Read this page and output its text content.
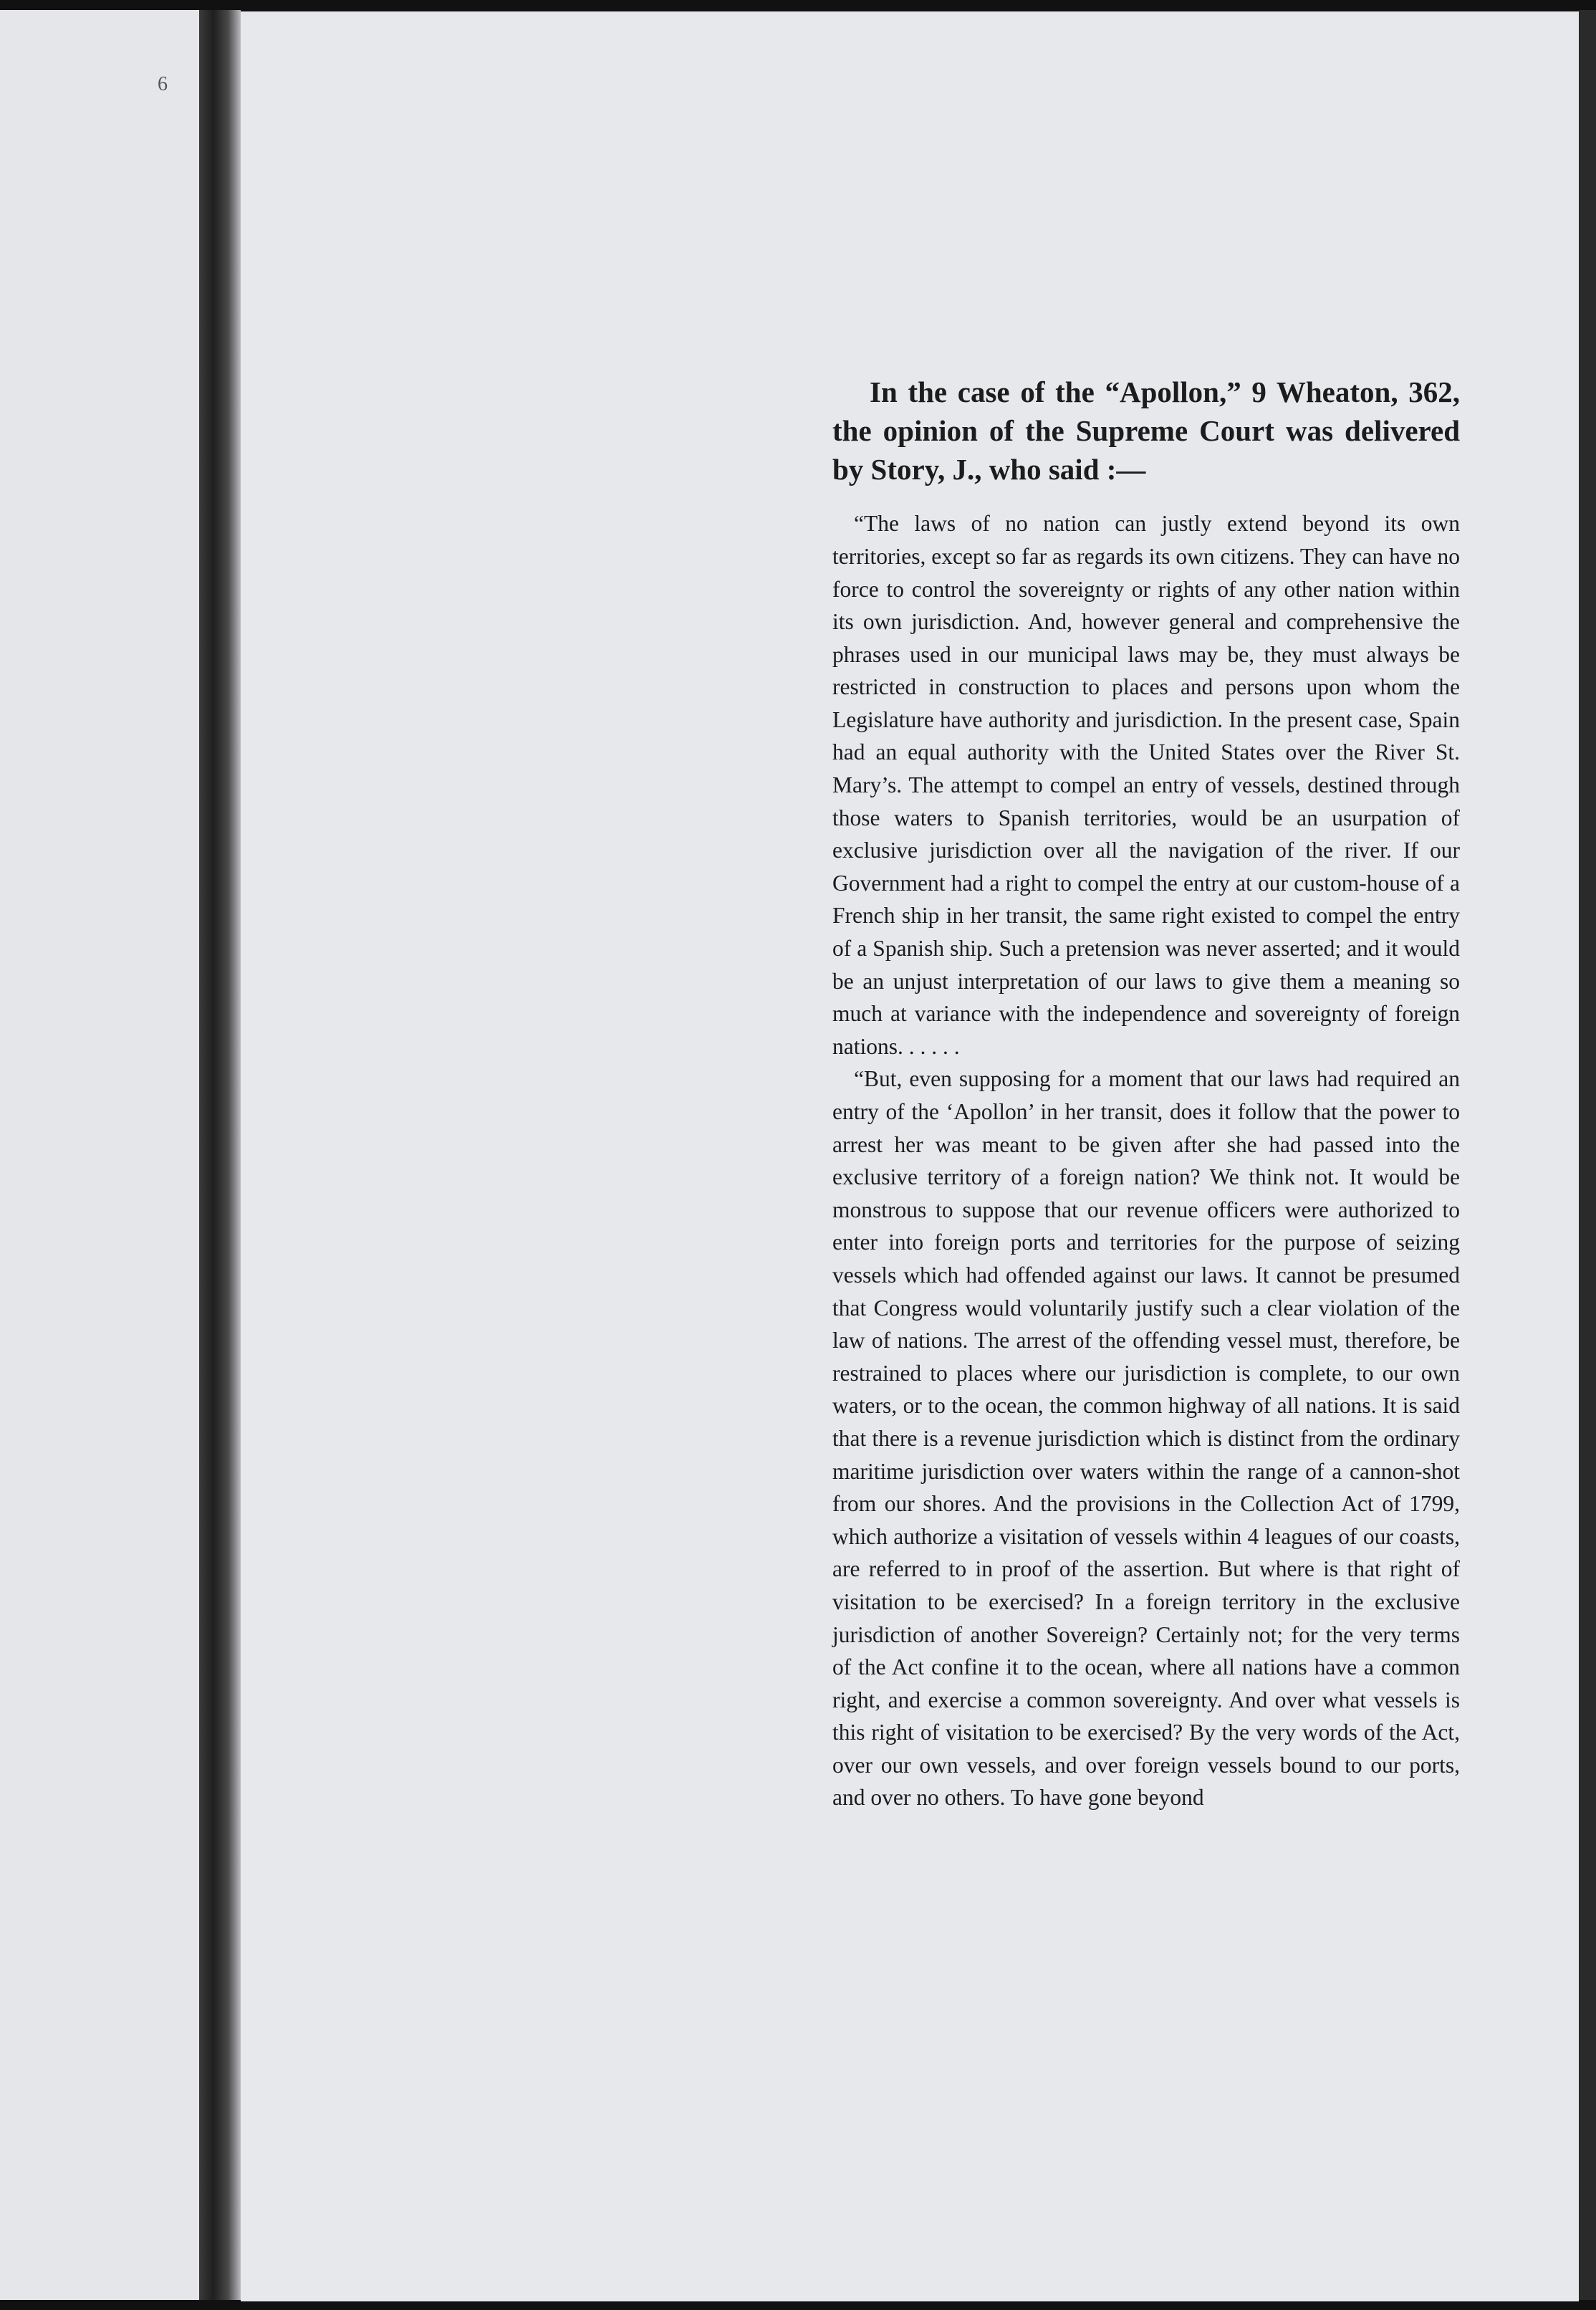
6

In the case of the “Apollon,” 9 Wheaton, 362, the opinion of the Supreme Court was delivered by Story, J., who said :—

“The laws of no nation can justly extend beyond its own territories, except so far as regards its own citizens. They can have no force to control the sovereignty or rights of any other nation within its own jurisdiction. And, however general and comprehensive the phrases used in our municipal laws may be, they must always be restricted in construction to places and persons upon whom the Legislature have authority and jurisdiction. In the present case, Spain had an equal authority with the United States over the River St. Mary’s. The attempt to compel an entry of vessels, destined through those waters to Spanish territories, would be an usurpation of exclusive jurisdiction over all the navigation of the river. If our Government had a right to compel the entry at our custom-house of a French ship in her transit, the same right existed to compel the entry of a Spanish ship. Such a pretension was never asserted; and it would be an unjust interpretation of our laws to give them a meaning so much at variance with the independence and sovereignty of foreign nations. . . . . .

“But, even supposing for a moment that our laws had required an entry of the ‘Apollon’ in her transit, does it follow that the power to arrest her was meant to be given after she had passed into the exclusive territory of a foreign nation? We think not. It would be monstrous to suppose that our revenue officers were authorized to enter into foreign ports and territories for the purpose of seizing vessels which had offended against our laws. It cannot be presumed that Congress would voluntarily justify such a clear violation of the law of nations. The arrest of the offending vessel must, therefore, be restrained to places where our jurisdiction is complete, to our own waters, or to the ocean, the common highway of all nations. It is said that there is a revenue jurisdiction which is distinct from the ordinary maritime jurisdiction over waters within the range of a cannon-shot from our shores. And the provisions in the Collection Act of 1799, which authorize a visitation of vessels within 4 leagues of our coasts, are referred to in proof of the assertion. But where is that right of visitation to be exercised? In a foreign territory in the exclusive jurisdiction of another Sovereign? Certainly not; for the very terms of the Act confine it to the ocean, where all nations have a common right, and exercise a common sovereignty. And over what vessels is this right of visitation to be exercised? By the very words of the Act, over our own vessels, and over foreign vessels bound to our ports, and over no others. To have gone beyond
